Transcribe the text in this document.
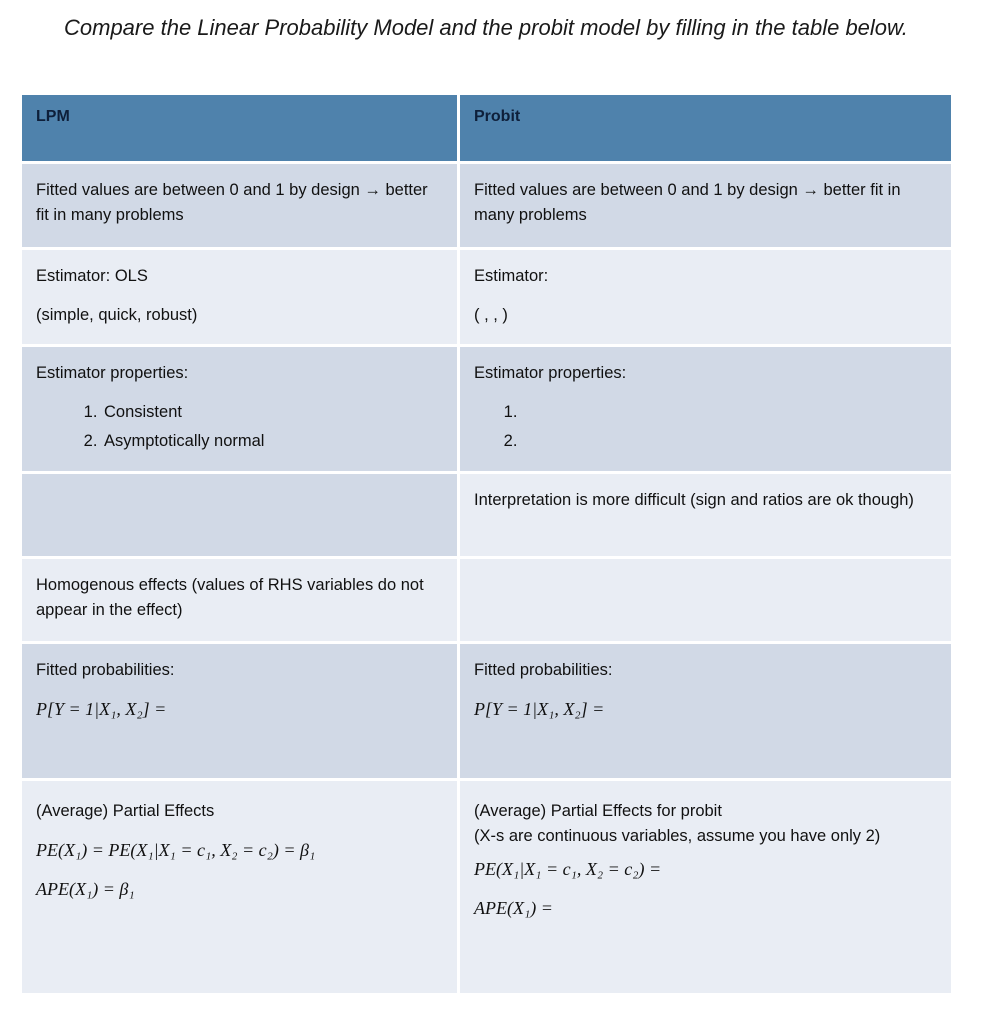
Compare the Linear Probability Model and the probit model by filling in the table below.
LPM	Probit

Fitted values are between 0 and 1 by design → better fit in many problems

Fitted values are between 0 and 1 by design → better fit in many problems

Estimator: OLS

(simple, quick, robust)

Estimator:

( , , )

Estimator properties:

1. Consistent
2. Asymptotically normal

Estimator properties:

1.
2.

Interpretation is more difficult (sign and ratios are ok though)

Homogenous effects (values of RHS variables do not appear in the effect)

Fitted probabilities:

P[Y = 1|X₁, X₂] =

Fitted probabilities:

P[Y = 1|X₁, X₂] =

(Average) Partial Effects

PE(X₁) = PE(X₁|X₁ = c₁, X₂ = c₂) = β₁

APE(X₁) = β₁

(Average) Partial Effects for probit
(X-s are continuous variables, assume you have only 2)

PE(X₁|X₁ = c₁, X₂ = c₂) =

APE(X₁) =
